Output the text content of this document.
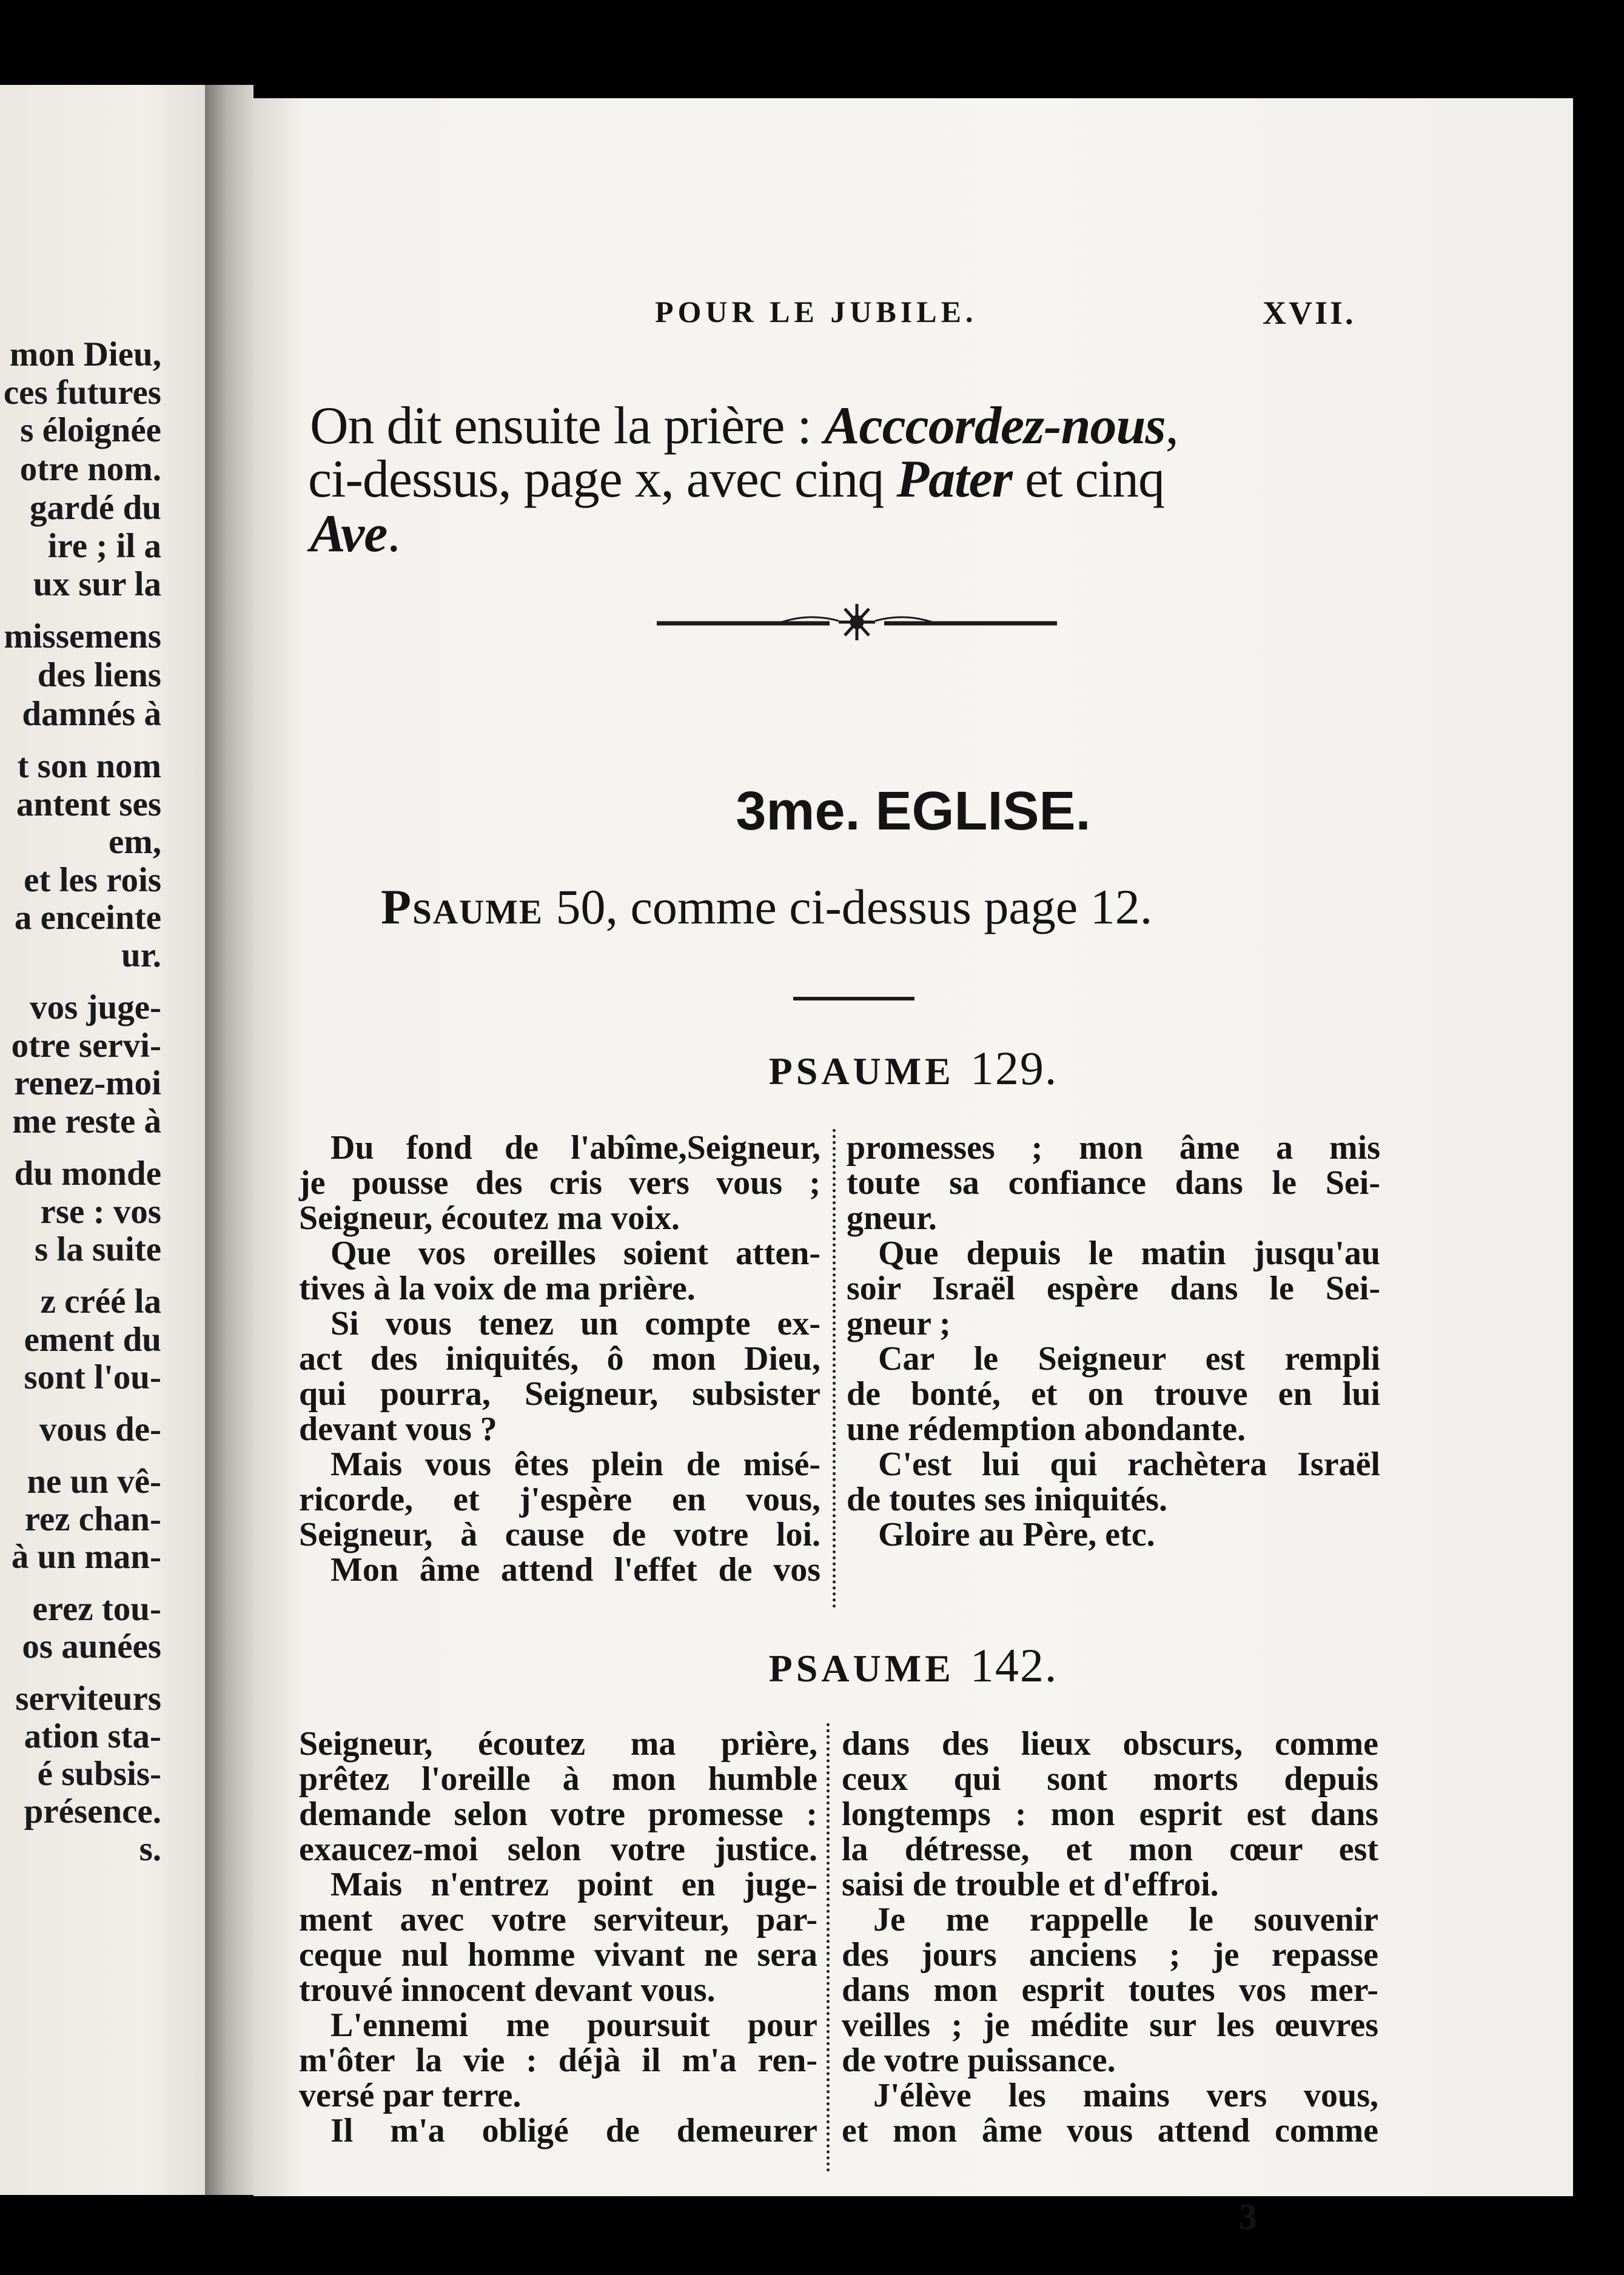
mon Dieu,
ces futures
s éloignée
otre nom.
gardé du
ire ; il a
ux sur la
missemens
des liens
damnés à
t son nom
antent ses
em,
et les rois
a enceinte
ur.
vos juge-
otre servi-
renez-moi
me reste à
du monde
rse : vos
s la suite
z créé la
ement du
sont l'ou-
vous de-
ne un vê-
rez chan-
à un man-
erez tou-
os aunées
serviteurs
ation sta-
é subsis-
présence.
s.
POUR LE JUBILE.	XVII.
On dit ensuite la prière : Acccordez-nous,
ci-dessus, page x, avec cinq Pater et cinq
Ave.
3me. EGLISE.
Psaume 50, comme ci-dessus page 12.
PSAUME 129.
Du fond de l'abîme,Seigneur,
je pousse des cris vers vous ;
Seigneur, écoutez ma voix.
Que vos oreilles soient atten-
tives à la voix de ma prière.
Si vous tenez un compte ex-
act des iniquités, ô mon Dieu,
qui pourra, Seigneur, subsister
devant vous ?
Mais vous êtes plein de misé-
ricorde, et j'espère en vous,
Seigneur, à cause de votre loi.
Mon âme attend l'effet de vos
promesses ; mon âme a mis
toute sa confiance dans le Sei-
gneur.
Que depuis le matin jusqu'au
soir Israël espère dans le Sei-
gneur ;
Car le Seigneur est rempli
de bonté, et on trouve en lui
une rédemption abondante.
C'est lui qui rachètera Israël
de toutes ses iniquités.
Gloire au Père, etc.
PSAUME 142.
Seigneur, écoutez ma prière,
prêtez l'oreille à mon humble
demande selon votre promesse :
exaucez-moi selon votre justice.
Mais n'entrez point en juge-
ment avec votre serviteur, par-
ceque nul homme vivant ne sera
trouvé innocent devant vous.
L'ennemi me poursuit pour
m'ôter la vie : déjà il m'a ren-
versé par terre.
Il m'a obligé de demeurer
dans des lieux obscurs, comme
ceux qui sont morts depuis
longtemps : mon esprit est dans
la détresse, et mon cœur est
saisi de trouble et d'effroi.
Je me rappelle le souvenir
des jours anciens ; je repasse
dans mon esprit toutes vos mer-
veilles ; je médite sur les œuvres
de votre puissance.
J'élève les mains vers vous,
et mon âme vous attend comme
3
